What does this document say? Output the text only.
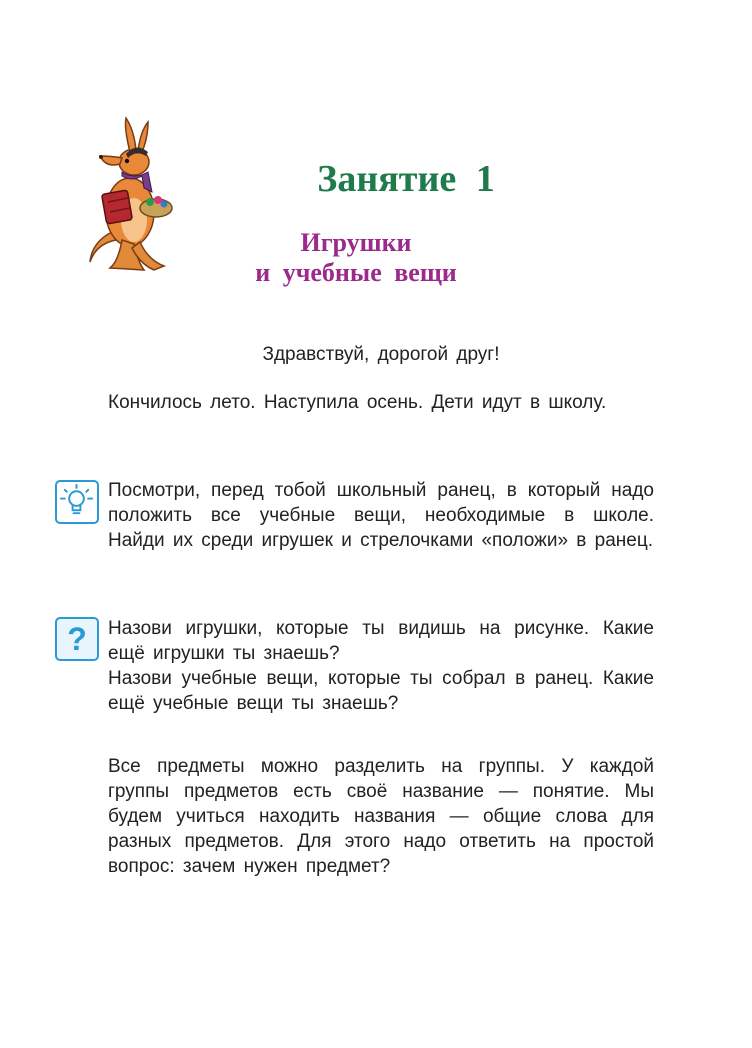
Занятие 1
Игрушки
и учебные вещи

Здравствуй, дорогой друг!

Кончилось лето. Наступила осень. Дети идут в школу.

Посмотри, перед тобой школьный ранец, в который надо положить все учебные вещи, необходимые в школе. Найди их среди игрушек и стрелочками «положи» в ранец.

?	Назови игрушки, которые ты видишь на рисунке. Какие ещё игрушки ты знаешь?

Назови учебные вещи, которые ты собрал в ранец. Какие ещё учебные вещи ты знаешь?

Все предметы можно разделить на группы. У каждой группы предметов есть своё название — понятие. Мы будем учиться находить названия — общие слова для разных предметов. Для этого надо ответить на простой вопрос: зачем нужен предмет?
